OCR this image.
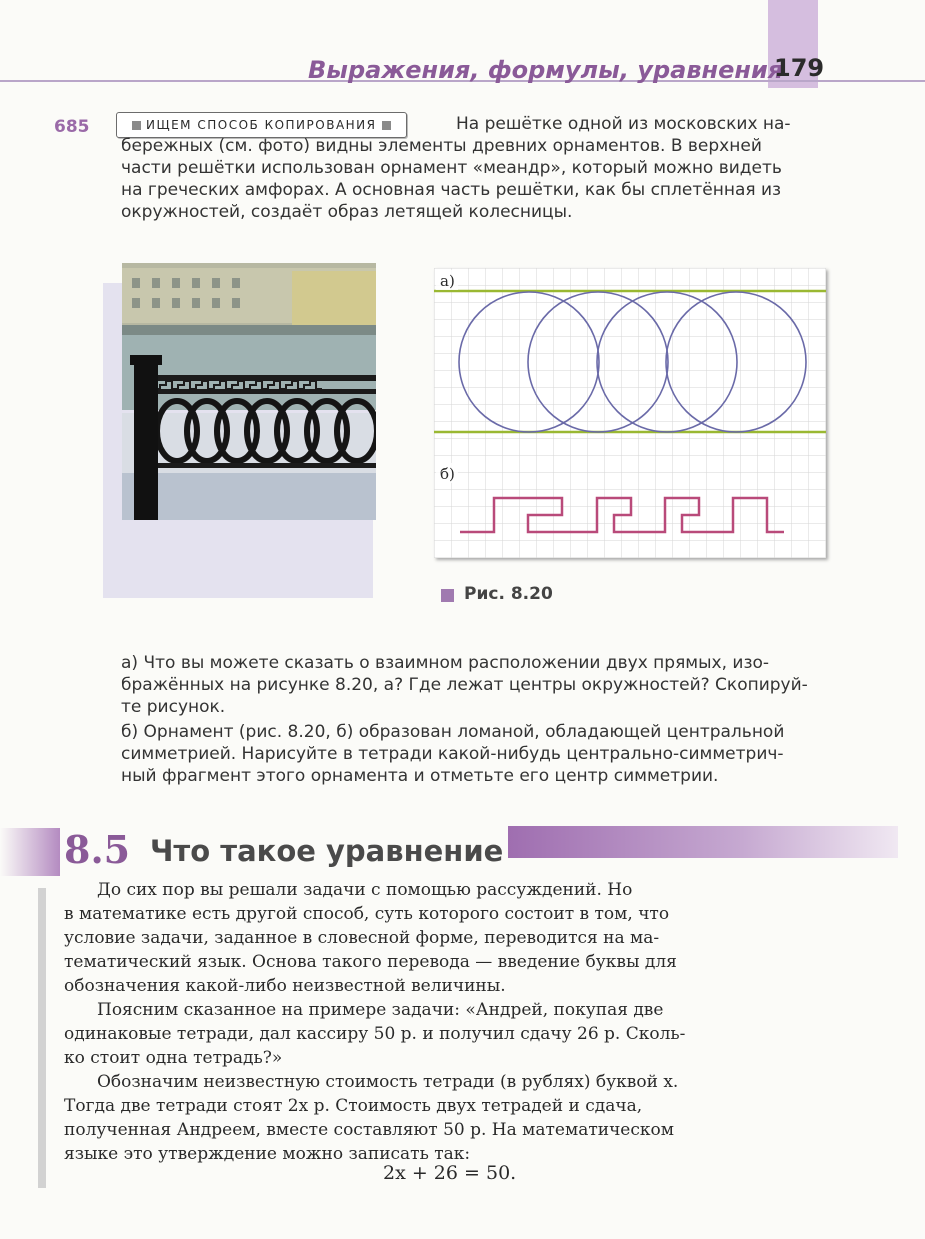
Выражения, формулы, уравнения
179
685	ИЩЕМ СПОСОБ КОПИРОВАНИЯ	На решётке одной из московских на-
бережных (см. фото) видны элементы древних орнаментов. В верхней
части решётки использован орнамент «меандр», который можно видеть
на греческих амфорах. А основная часть решётки, как бы сплетённая из
окружностей, создаёт образ летящей колесницы.
а)
б)
Рис. 8.20
а) Что вы можете сказать о взаимном расположении двух прямых, изо-
бражённых на рисунке 8.20, а? Где лежат центры окружностей? Скопируй-
те рисунок.
б) Орнамент (рис. 8.20, б) образован ломаной, обладающей центральной
симметрией. Нарисуйте в тетради какой-нибудь центрально-симметрич-
ный фрагмент этого орнамента и отметьте его центр симметрии.
8.5 Что такое уравнение
До сих пор вы решали задачи с помощью рассуждений. Но
в математике есть другой способ, суть которого состоит в том, что
условие задачи, заданное в словесной форме, переводится на ма-
тематический язык. Основа такого перевода — введение буквы для
обозначения какой-либо неизвестной величины.
Поясним сказанное на примере задачи: «Андрей, покупая две
одинаковые тетради, дал кассиру 50 р. и получил сдачу 26 р. Сколь-
ко стоит одна тетрадь?»
Обозначим неизвестную стоимость тетради (в рублях) буквой x.
Тогда две тетради стоят 2x р. Стоимость двух тетрадей и сдача,
полученная Андреем, вместе составляют 50 р. На математическом
языке это утверждение можно записать так:
2x + 26 = 50.
